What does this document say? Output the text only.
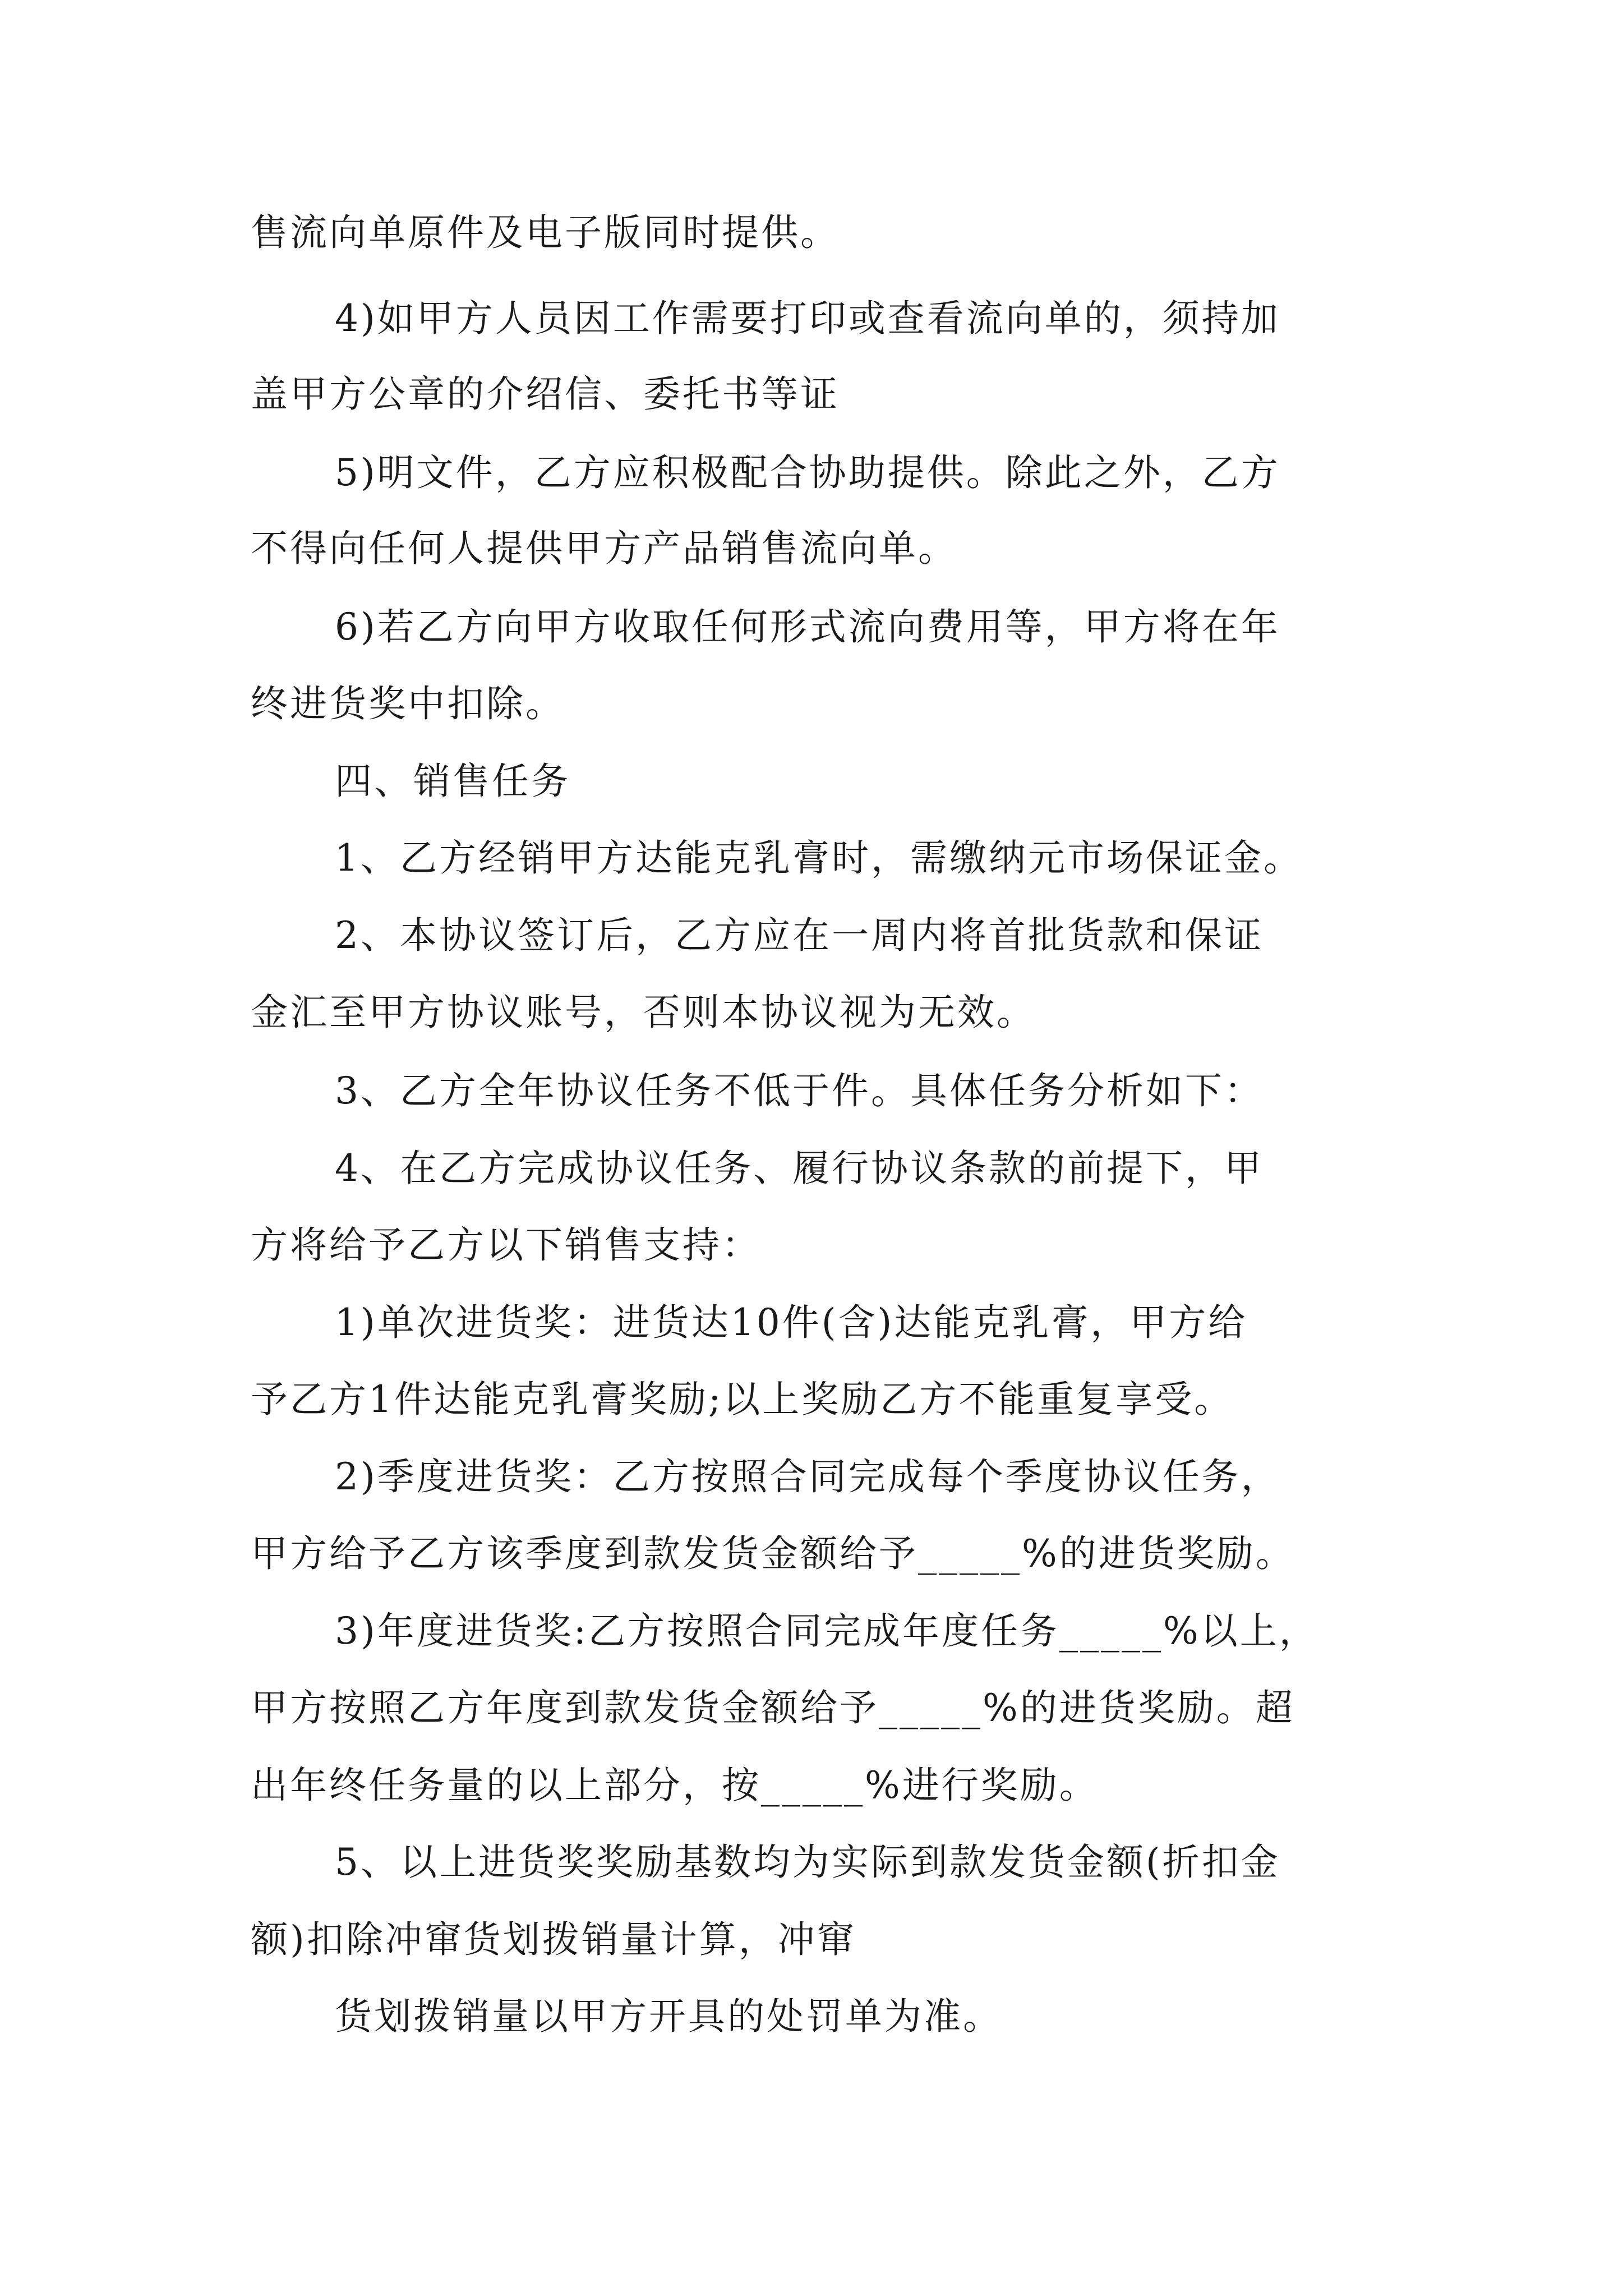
售流向单原件及电子版同时提供。
4)如甲方人员因工作需要打印或查看流向单的，须持加
盖甲方公章的介绍信、委托书等证
5)明文件，乙方应积极配合协助提供。除此之外，乙方
不得向任何人提供甲方产品销售流向单。
6)若乙方向甲方收取任何形式流向费用等，甲方将在年
终进货奖中扣除。
四、销售任务
1、乙方经销甲方达能克乳膏时，需缴纳元市场保证金。
2、本协议签订后，乙方应在一周内将首批货款和保证
金汇至甲方协议账号，否则本协议视为无效。
3、乙方全年协议任务不低于件。具体任务分析如下：
4、在乙方完成协议任务、履行协议条款的前提下，甲
方将给予乙方以下销售支持：
1)单次进货奖：进货达10件(含)达能克乳膏，甲方给
予乙方1件达能克乳膏奖励;以上奖励乙方不能重复享受。
2)季度进货奖：乙方按照合同完成每个季度协议任务，
甲方给予乙方该季度到款发货金额给予_____%的进货奖励。
3)年度进货奖:乙方按照合同完成年度任务_____%以上，
甲方按照乙方年度到款发货金额给予_____%的进货奖励。超
出年终任务量的以上部分，按_____%进行奖励。
5、以上进货奖奖励基数均为实际到款发货金额(折扣金
额)扣除冲窜货划拨销量计算，冲窜
货划拨销量以甲方开具的处罚单为准。
